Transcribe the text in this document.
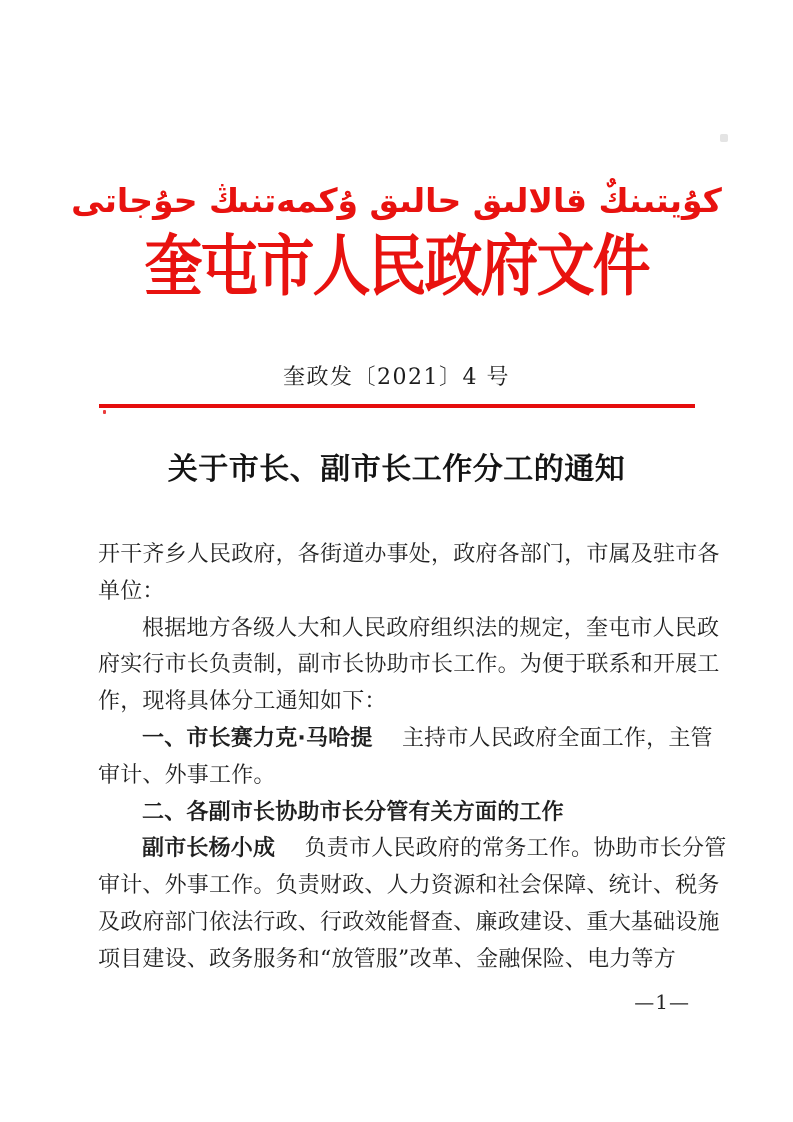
كۇيتىنكٌ قالالىق حالىق ۇكمەتنىڭ حۇجاتى
奎屯市人民政府文件
奎政发〔2021〕4 号
关于市长、副市长工作分工的通知
开干齐乡人民政府，各街道办事处，政府各部门，市属及驻市各
单位：
根据地方各级人大和人民政府组织法的规定，奎屯市人民政
府实行市长负责制，副市长协助市长工作。为便于联系和开展工
作，现将具体分工通知如下：
一、市长赛力克·马哈提　 主持市人民政府全面工作，主管
审计、外事工作。
二、各副市长协助市长分管有关方面的工作
副市长杨小成　 负责市人民政府的常务工作。协助市长分管
审计、外事工作。负责财政、人力资源和社会保障、统计、税务
及政府部门依法行政、行政效能督查、廉政建设、重大基础设施
项目建设、政务服务和“放管服”改革、金融保险、电力等方
—1—
